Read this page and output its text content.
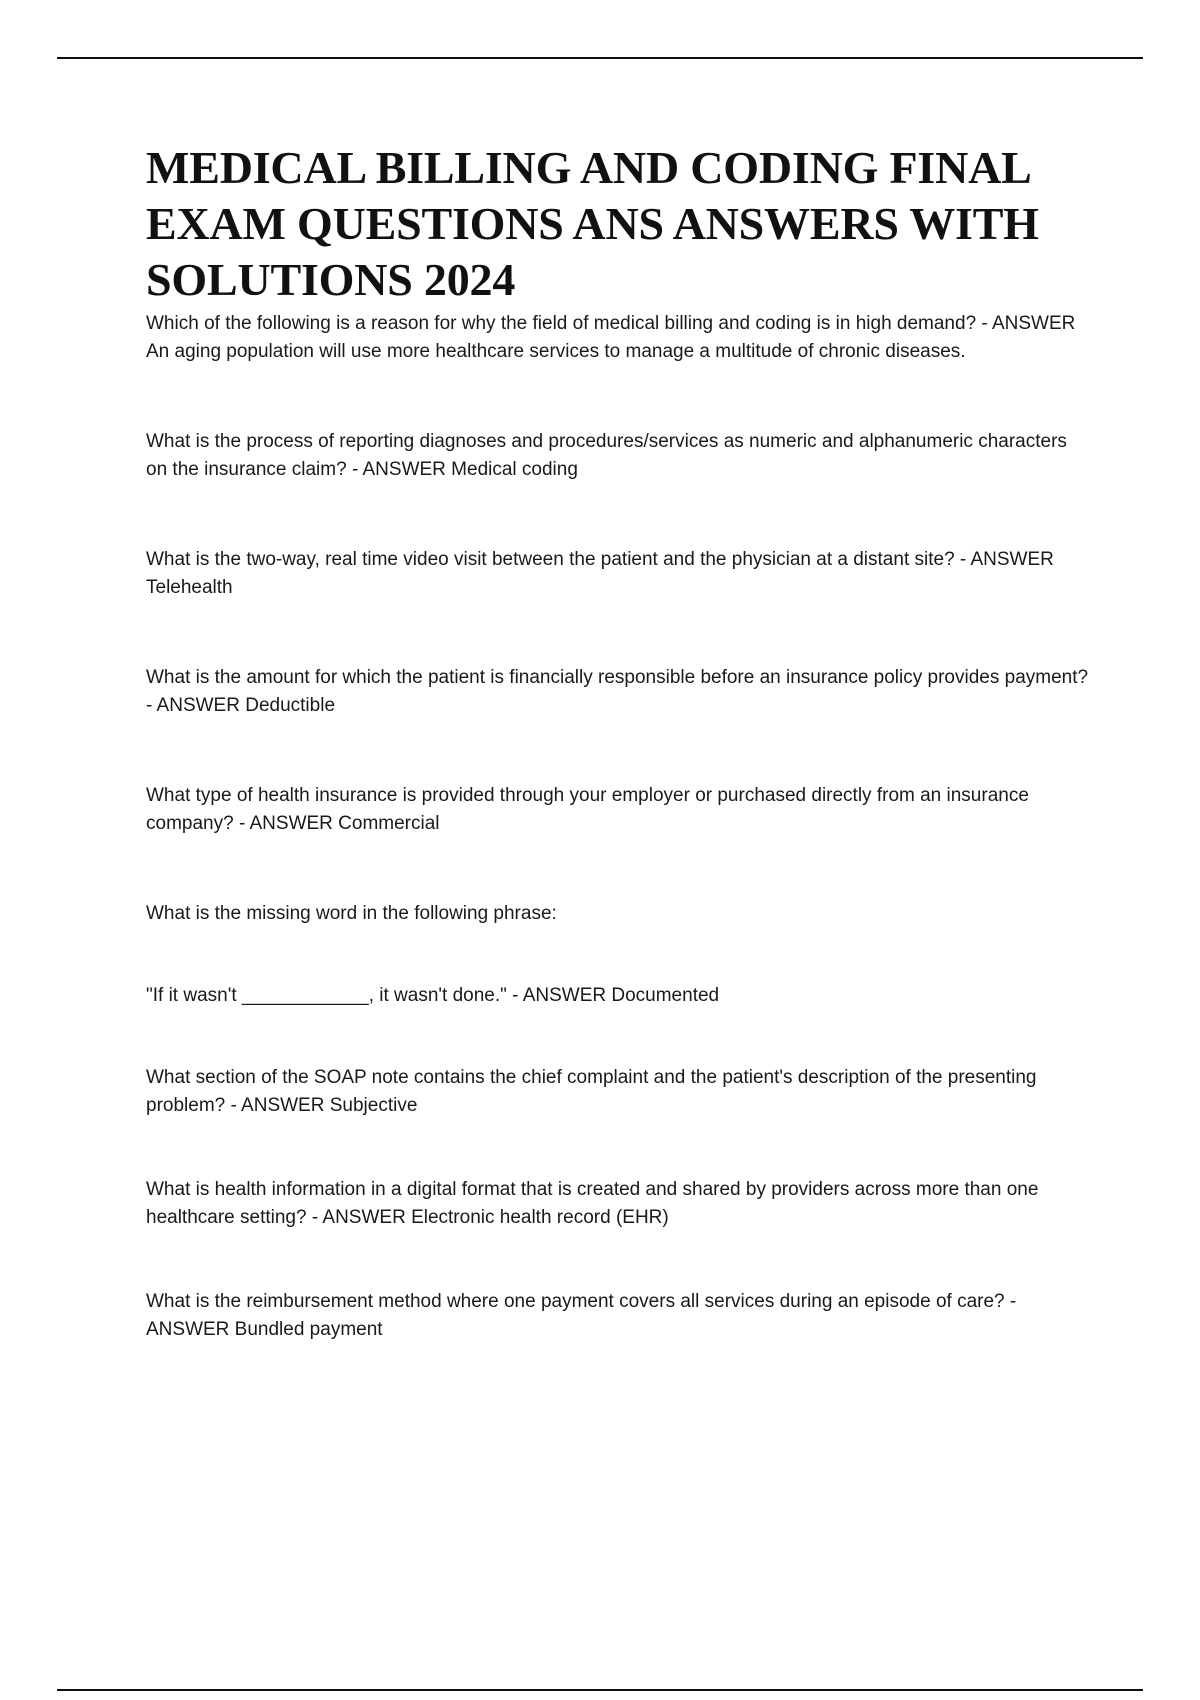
MEDICAL BILLING AND CODING FINAL EXAM QUESTIONS ANS ANSWERS WITH SOLUTIONS 2024

Which of the following is a reason for why the field of medical billing and coding is in high demand? - ANSWER An aging population will use more healthcare services to manage a multitude of chronic diseases.

What is the process of reporting diagnoses and procedures/services as numeric and alphanumeric characters on the insurance claim? - ANSWER Medical coding

What is the two-way, real time video visit between the patient and the physician at a distant site? - ANSWER Telehealth

What is the amount for which the patient is financially responsible before an insurance policy provides payment? - ANSWER Deductible

What type of health insurance is provided through your employer or purchased directly from an insurance company? - ANSWER Commercial

What is the missing word in the following phrase:

"If it wasn't ____________, it wasn't done." - ANSWER Documented

What section of the SOAP note contains the chief complaint and the patient's description of the presenting problem? - ANSWER Subjective

What is health information in a digital format that is created and shared by providers across more than one healthcare setting? - ANSWER Electronic health record (EHR)

What is the reimbursement method where one payment covers all services during an episode of care? - ANSWER Bundled payment
